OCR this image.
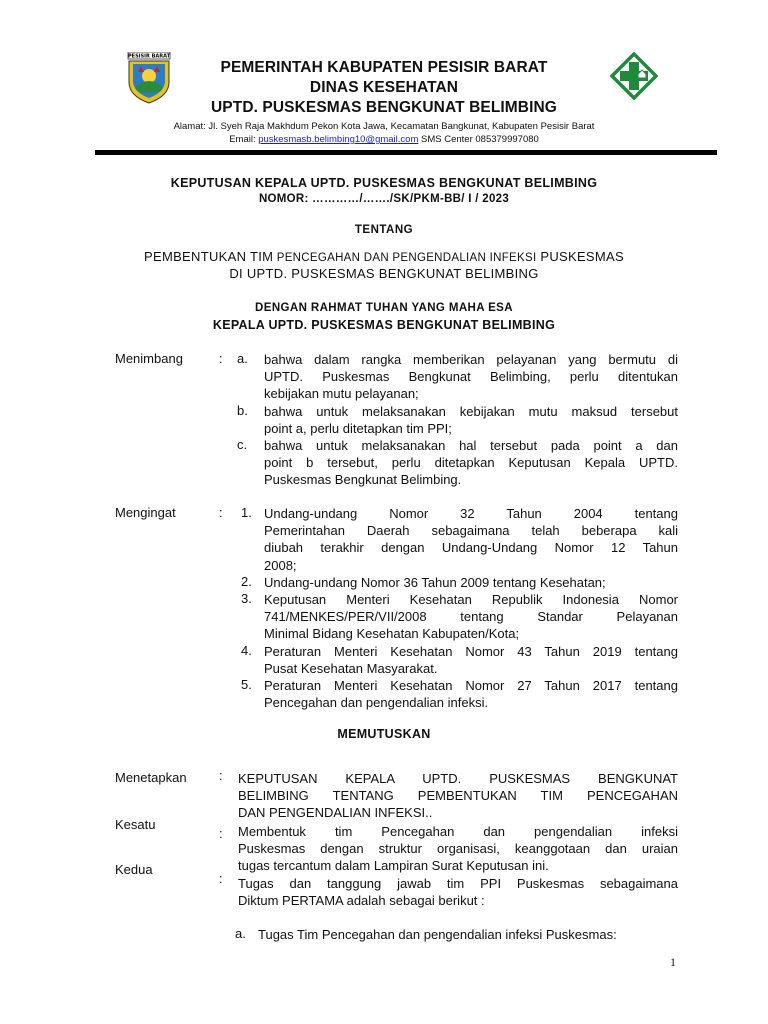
PESISIR BARAT
PEMERINTAH KABUPATEN PESISIR BARAT
DINAS KESEHATAN
UPTD. PUSKESMAS BENGKUNAT BELIMBING
Alamat: Jl. Syeh Raja Makhdum Pekon Kota Jawa, Kecamatan Bangkunat, Kabupaten Pesisir Barat
Email: puskesmasb.belimbing10@gmail.com SMS Center 085379997080
KEPUTUSAN KEPALA UPTD. PUSKESMAS BENGKUNAT BELIMBING
NOMOR: …………/……./SK/PKM-BB/ I / 2023
TENTANG
PEMBENTUKAN TIM PENCEGAHAN DAN PENGENDALIAN INFEKSI PUSKESMAS
DI UPTD. PUSKESMAS BENGKUNAT BELIMBING
DENGAN RAHMAT TUHAN YANG MAHA ESA
KEPALA UPTD. PUSKESMAS BENGKUNAT BELIMBING
Menimbang	: a.	bahwa dalam rangka memberikan pelayanan yang bermutu di
UPTD. Puskesmas Bengkunat Belimbing, perlu ditentukan
kebijakan mutu pelayanan;
b.	bahwa untuk melaksanakan kebijakan mutu maksud tersebut
point a, perlu ditetapkan tim PPI;
c.	bahwa untuk melaksanakan hal tersebut pada point a dan
point b tersebut, perlu ditetapkan Keputusan Kepala UPTD.
Puskesmas Bengkunat Belimbing.
Mengingat	: 1. Undang-undang Nomor 32 Tahun 2004 tentang
Pemerintahan Daerah sebagaimana telah beberapa kali
diubah terakhir dengan Undang-Undang Nomor 12 Tahun
2008;
2. Undang-undang Nomor 36 Tahun 2009 tentang Kesehatan;
3. Keputusan Menteri Kesehatan Republik Indonesia Nomor
741/MENKES/PER/VII/2008 tentang Standar Pelayanan
Minimal Bidang Kesehatan Kabupaten/Kota;
4. Peraturan Menteri Kesehatan Nomor 43 Tahun 2019 tentang
Pusat Kesehatan Masyarakat.
5. Peraturan Menteri Kesehatan Nomor 27 Tahun 2017 tentang
Pencegahan dan pengendalian infeksi.
MEMUTUSKAN
Menetapkan : KEPUTUSAN KEPALA UPTD. PUSKESMAS BENGKUNAT
BELIMBING TENTANG PEMBENTUKAN TIM PENCEGAHAN
DAN PENGENDALIAN INFEKSI..
Kesatu
: Membentuk tim Pencegahan dan pengendalian infeksi
Puskesmas dengan struktur organisasi, keanggotaan dan uraian
tugas tercantum dalam Lampiran Surat Keputusan ini.
Kedua
: Tugas dan tanggung jawab tim PPI Puskesmas sebagaimana
Diktum PERTAMA adalah sebagai berikut :
a. Tugas Tim Pencegahan dan pengendalian infeksi Puskesmas:
1
